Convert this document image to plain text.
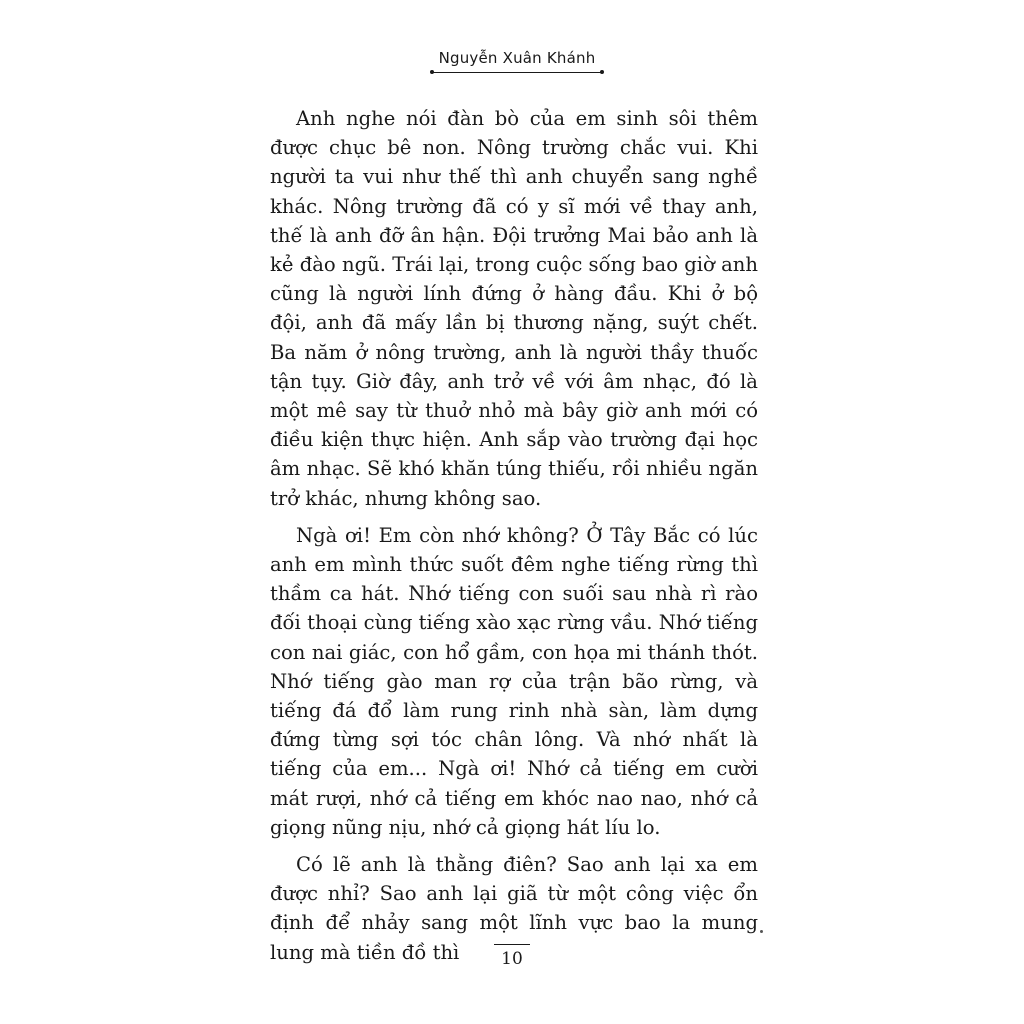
Nguyễn Xuân Khánh

Anh nghe nói đàn bò của em sinh sôi thêm được chục bê non. Nông trường chắc vui. Khi người ta vui như thế thì anh chuyển sang nghề khác. Nông trường đã có y sĩ mới về thay anh, thế là anh đỡ ân hận. Đội trưởng Mai bảo anh là kẻ đào ngũ. Trái lại, trong cuộc sống bao giờ anh cũng là người lính đứng ở hàng đầu. Khi ở bộ đội, anh đã mấy lần bị thương nặng, suýt chết. Ba năm ở nông trường, anh là người thầy thuốc tận tụy. Giờ đây, anh trở về với âm nhạc, đó là một mê say từ thuở nhỏ mà bây giờ anh mới có điều kiện thực hiện. Anh sắp vào trường đại học âm nhạc. Sẽ khó khăn túng thiếu, rồi nhiều ngăn trở khác, nhưng không sao.

Ngà ơi! Em còn nhớ không? Ở Tây Bắc có lúc anh em mình thức suốt đêm nghe tiếng rừng thì thầm ca hát. Nhớ tiếng con suối sau nhà rì rào đối thoại cùng tiếng xào xạc rừng vầu. Nhớ tiếng con nai giác, con hổ gầm, con họa mi thánh thót. Nhớ tiếng gào man rợ của trận bão rừng, và tiếng đá đổ làm rung rinh nhà sàn, làm dựng đứng từng sợi tóc chân lông. Và nhớ nhất là tiếng của em... Ngà ơi! Nhớ cả tiếng em cười mát rượi, nhớ cả tiếng em khóc nao nao, nhớ cả giọng nũng nịu, nhớ cả giọng hát líu lo.

Có lẽ anh là thằng điên? Sao anh lại xa em được nhỉ? Sao anh lại giã từ một công việc ổn định để nhảy sang một lĩnh vực bao la mung lung mà tiền đồ thì	10
